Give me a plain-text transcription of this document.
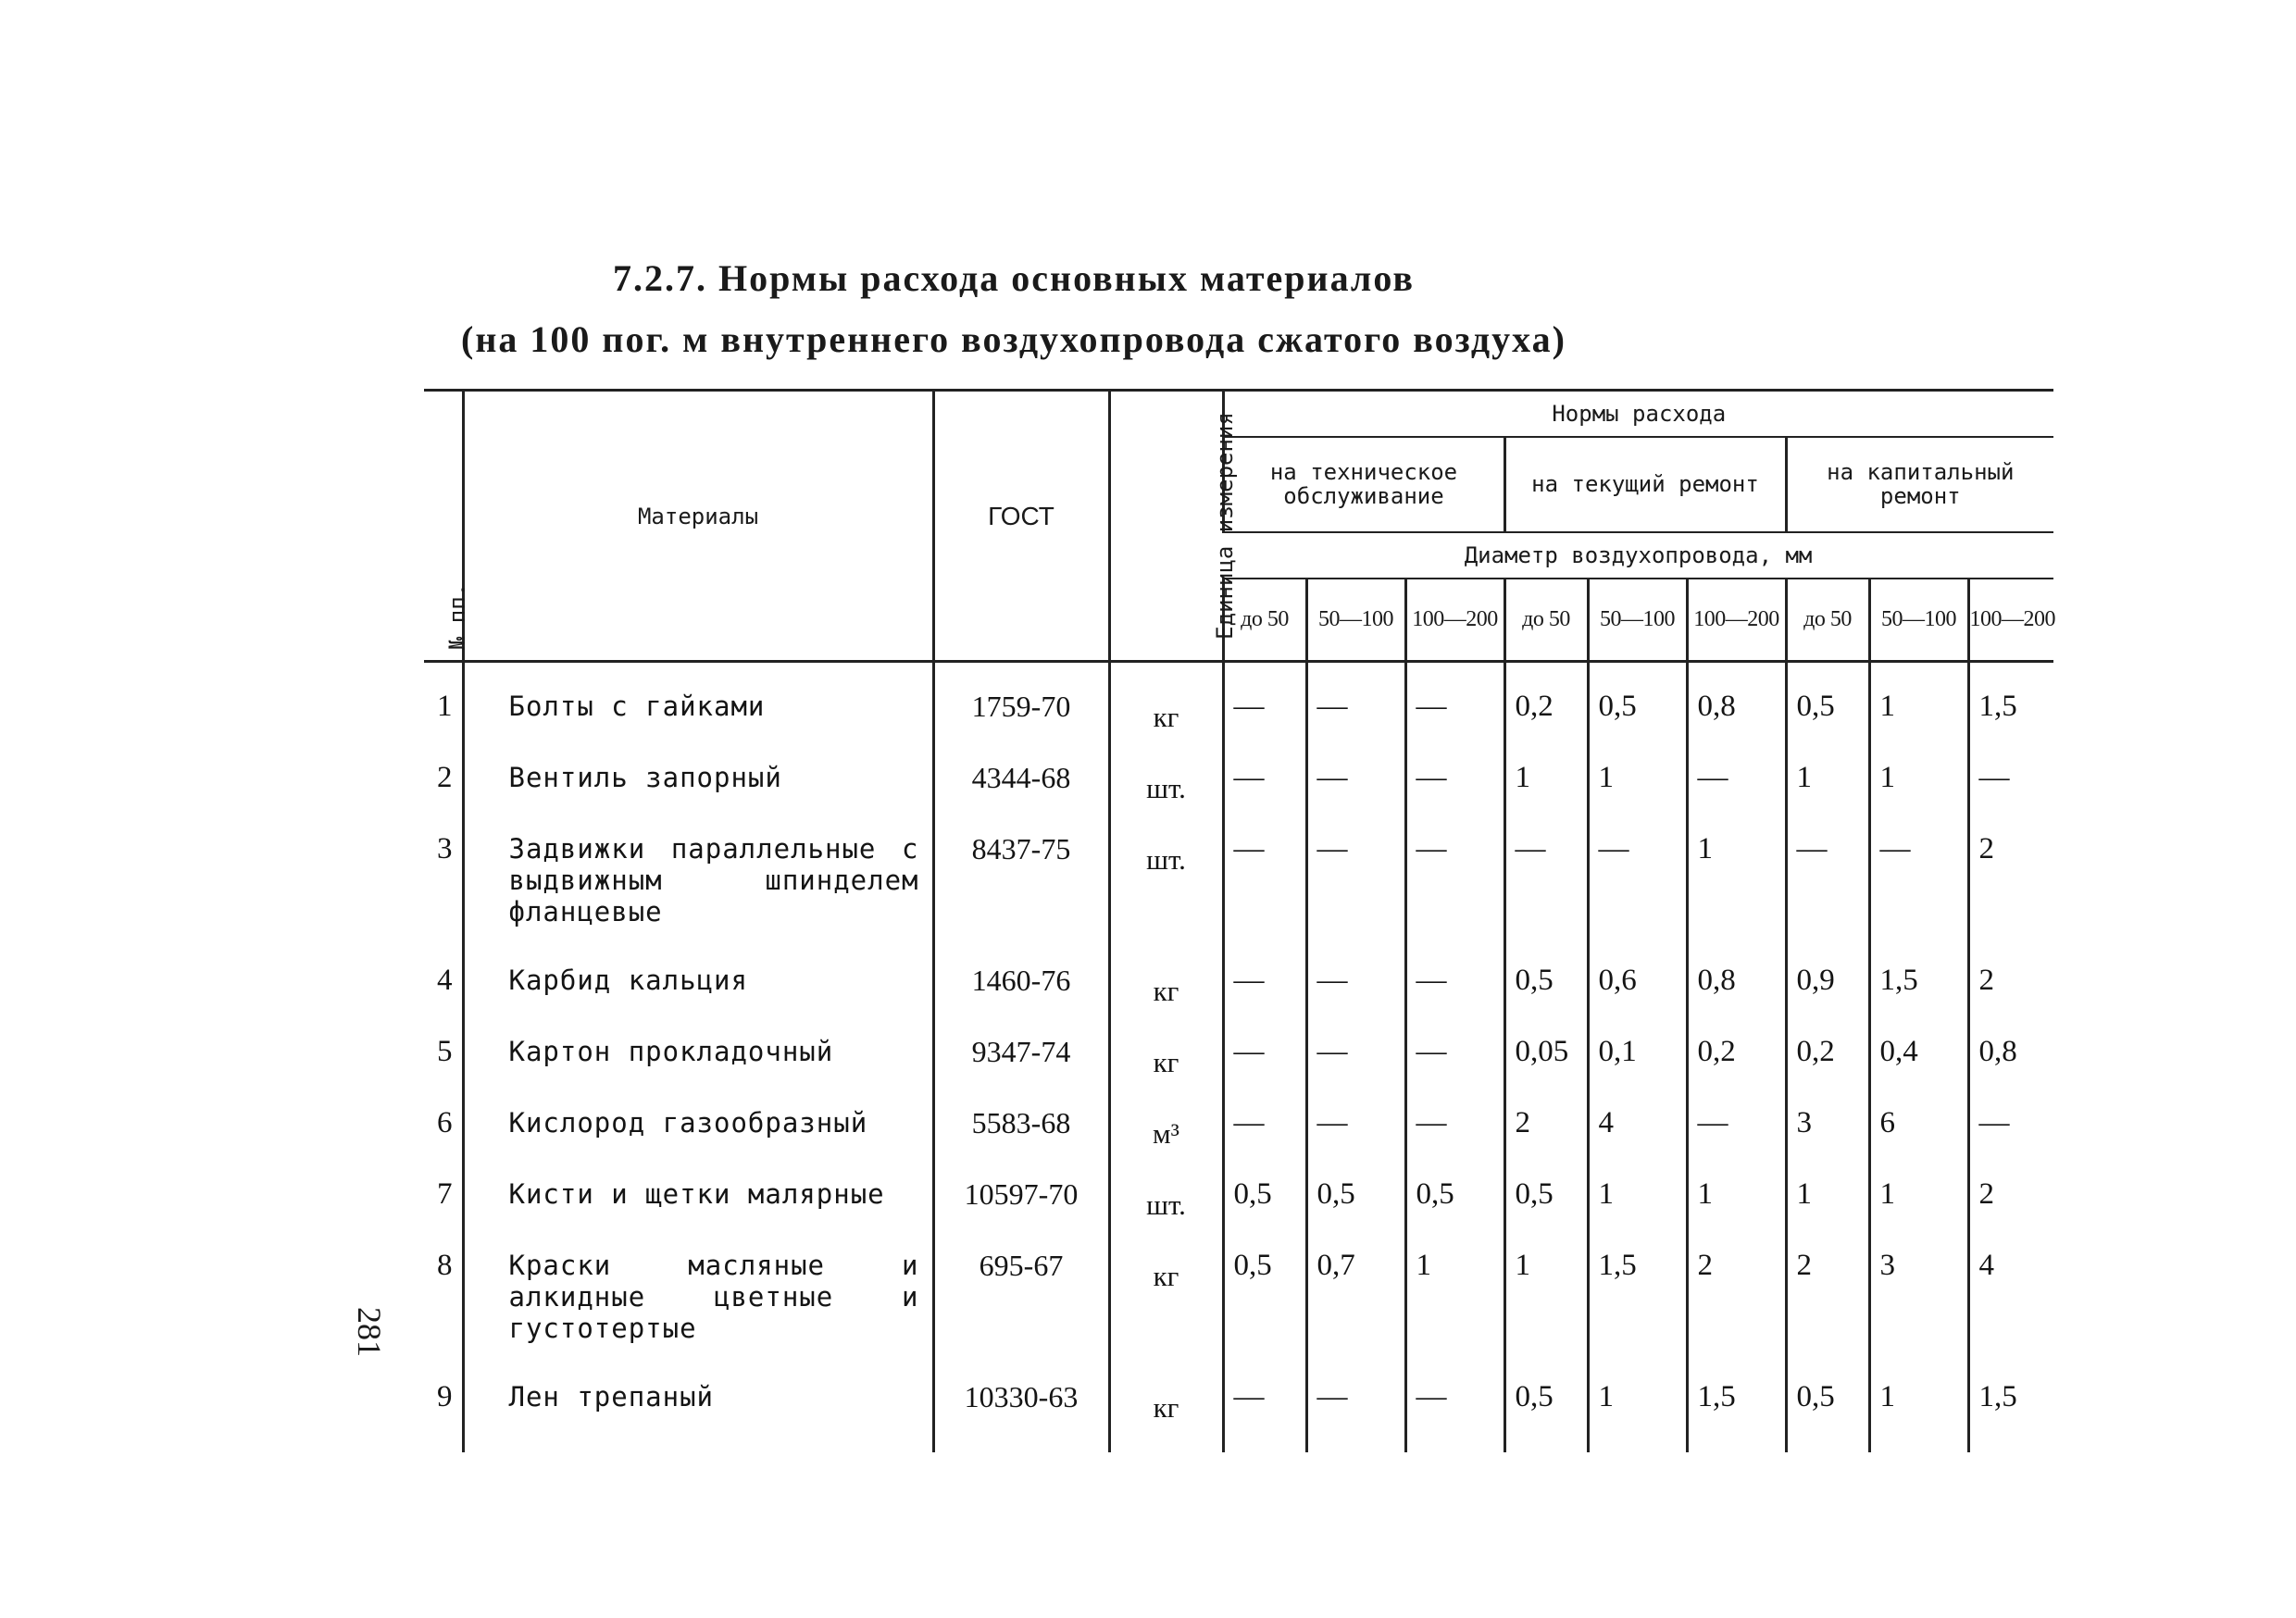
7.2.7. Нормы расхода основных материалов
(на 100 пог. м внутреннего воздухопровода сжатого воздуха)
№ пп.	Материалы	ГОСТ	Единица измерения	Нормы расхода								
				на техническое обслуживание			на текущий ремонт			на капитальный ремонт		
				Диаметр воздухопровода, мм								
				до 50	50—100	100—200	до 50	50—100	100—200	до 50	50—100	100—200
1	Болты с гайками	1759-70	кг	—	—	—	0,2	0,5	0,8	0,5	1	1,5
2	Вентиль запорный	4344-68	шт.	—	—	—	1	1	—	1	1	—
3	Задвижки параллельные с выдвижным шпинделем фланцевые	8437-75	шт.	—	—	—	—	—	1	—	—	2
4	Карбид кальция	1460-76	кг	—	—	—	0,5	0,6	0,8	0,9	1,5	2
5	Картон прокладочный	9347-74	кг	—	—	—	0,05	0,1	0,2	0,2	0,4	0,8
6	Кислород газообразный	5583-68	м³	—	—	—	2	4	—	3	6	—
7	Кисти и щетки малярные	10597-70	шт.	0,5	0,5	0,5	0,5	1	1	1	1	2
8	Краски масляные и алкидные цветные и густотертые	695-67	кг	0,5	0,7	1	1	1,5	2	2	3	4
9	Лен трепаный	10330-63	кг	—	—	—	0,5	1	1,5	0,5	1	1,5
281
